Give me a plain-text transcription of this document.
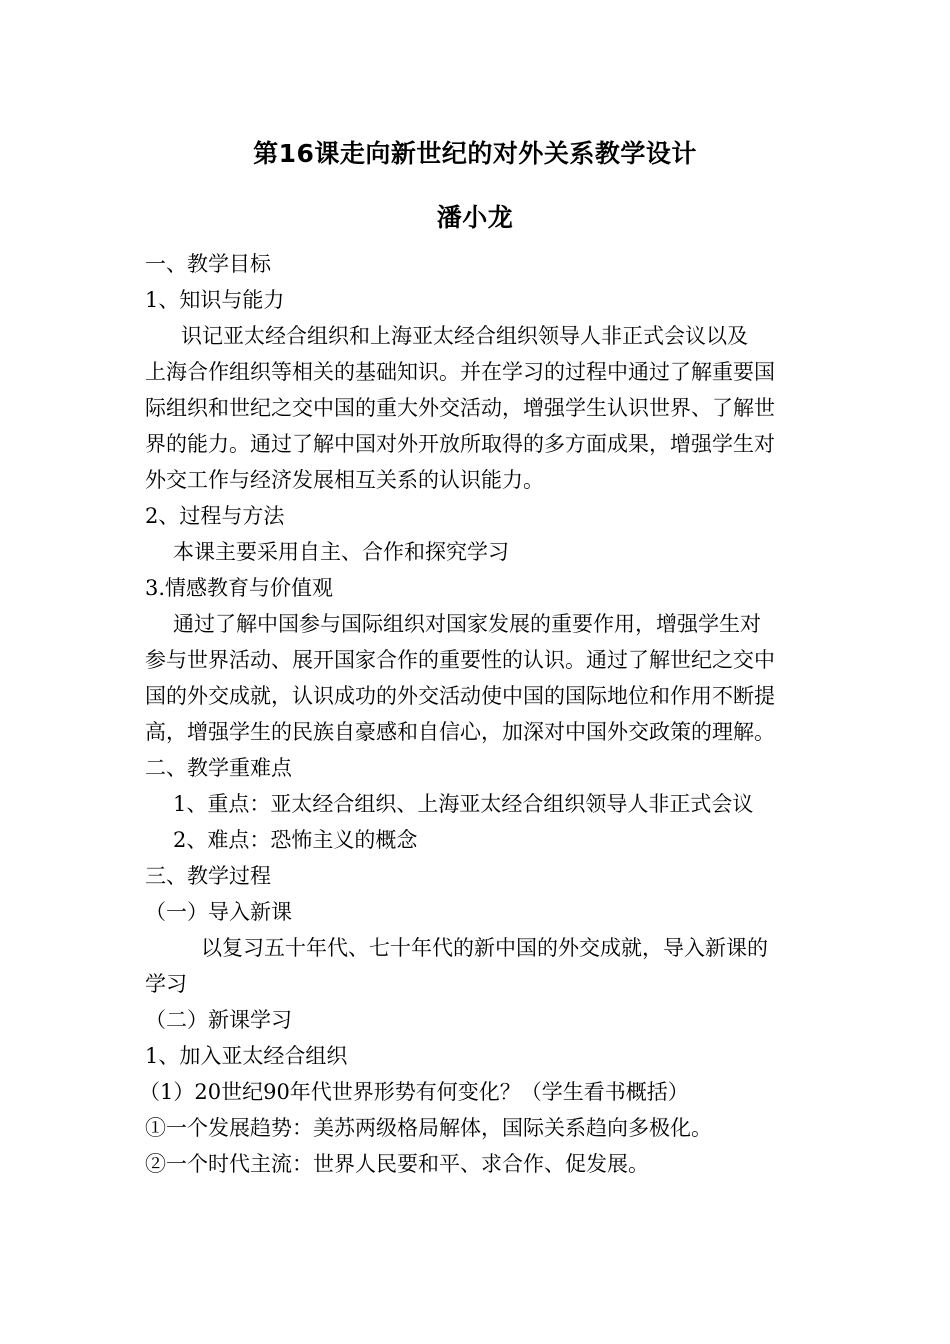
第16课走向新世纪的对外关系教学设计
潘小龙
一、教学目标
1、知识与能力
识记亚太经合组织和上海亚太经合组织领导人非正式会议以及
上海合作组织等相关的基础知识。并在学习的过程中通过了解重要国
际组织和世纪之交中国的重大外交活动，增强学生认识世界、了解世
界的能力。通过了解中国对外开放所取得的多方面成果，增强学生对
外交工作与经济发展相互关系的认识能力。
2、过程与方法
本课主要采用自主、合作和探究学习
3.情感教育与价值观
通过了解中国参与国际组织对国家发展的重要作用，增强学生对
参与世界活动、展开国家合作的重要性的认识。通过了解世纪之交中
国的外交成就，认识成功的外交活动使中国的国际地位和作用不断提
高，增强学生的民族自豪感和自信心，加深对中国外交政策的理解。
二、教学重难点
1、重点：亚太经合组织、上海亚太经合组织领导人非正式会议
2、难点：恐怖主义的概念
三、教学过程
（一）导入新课
以复习五十年代、七十年代的新中国的外交成就，导入新课的
学习
（二）新课学习
1、加入亚太经合组织
（1）20世纪90年代世界形势有何变化？（学生看书概括）
①一个发展趋势：美苏两级格局解体，国际关系趋向多极化。
②一个时代主流：世界人民要和平、求合作、促发展。
